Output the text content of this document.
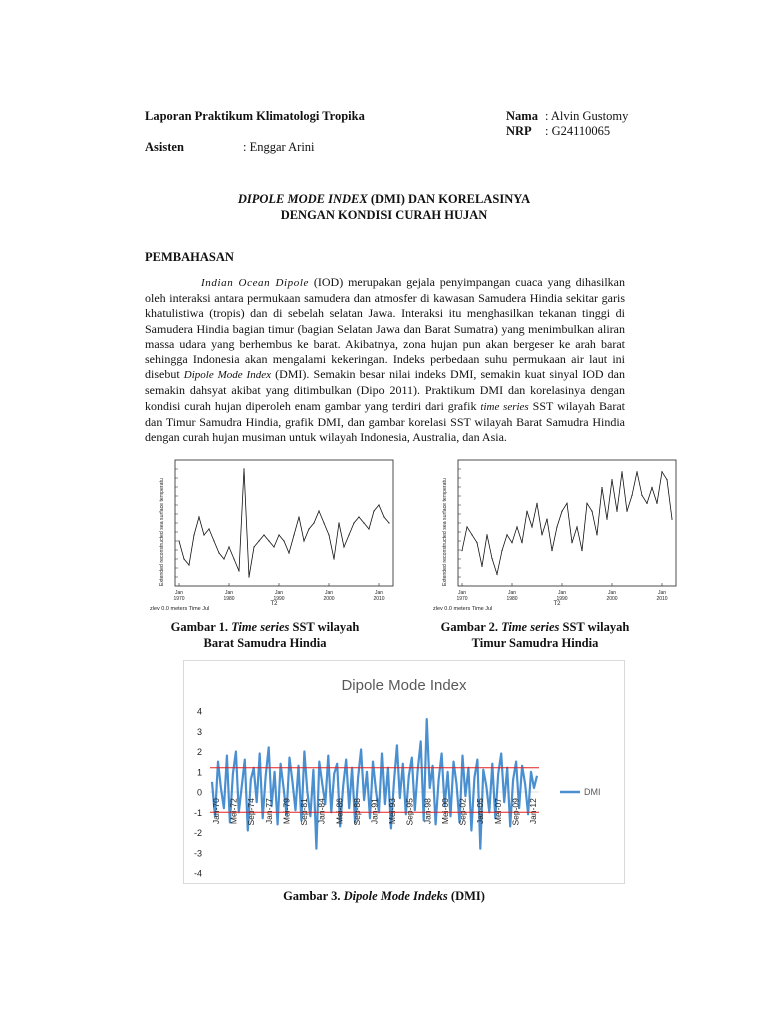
Laporan Praktikum Klimatologi Tropika
Asisten	: Enggar Arini
Nama : Alvin Gustomy
NRP : G24110065
DIPOLE MODE INDEX (DMI) DAN KORELASINYA
DENGAN KONDISI CURAH HUJAN
PEMBAHASAN

Indian Ocean Dipole (IOD) merupakan gejala penyimpangan cuaca yang dihasilkan oleh interaksi antara permukaan samudera dan atmosfer di kawasan Samudera Hindia sekitar garis khatulistiwa (tropis) dan di sebelah selatan Jawa. Interaksi itu menghasilkan tekanan tinggi di Samudera Hindia bagian timur (bagian Selatan Jawa dan Barat Sumatra) yang menimbulkan aliran massa udara yang berhembus ke barat. Akibatnya, zona hujan pun akan bergeser ke arah barat sehingga Indonesia akan mengalami kekeringan. Indeks perbedaan suhu permukaan air laut ini disebut Dipole Mode Index (DMI). Semakin besar nilai indeks DMI, semakin kuat sinyal IOD dan semakin dahsyat akibat yang ditimbulkan (Dipo 2011). Praktikum DMI dan korelasinya dengan kondisi curah hujan diperoleh enam gambar yang terdiri dari grafik time series SST wilayah Barat dan Timur Samudra Hindia, grafik DMI, dan gambar korelasi SST wilayah Barat Samudra Hindia dengan curah hujan musiman untuk wilayah Indonesia, Australia, dan Asia.

Jan
1970
Jan
1980
Jan
1990
Jan
2000
Jan
2010
T2
zlev 0.0 meters Time Jul
Extended reconstructed sea surface temperatu
Gambar 1. Time series SST wilayah
Barat Samudra Hindia
Jan
1970
Jan
1980
Jan
1990
Jan
2000
Jan
2010
T2
zlev 0.0 meters Time Jul
Extended reconstructed sea surface temperatu
Gambar 2. Time series SST wilayah
Timur Samudra Hindia
Dipole Mode Index
4
3
2
1
0
-1
-2
-3
-4
Jan-70 Mei-72 Sep-74 Jan-77 Mei-79 Sep-81 Jan-84 Mei-86 Sep-88 Jan-91 Mei-93 Sep-95 Jan-98 Mei-00 Sep-02 Jan-05 Mei-07 Sep-09 Jan-12
DMI
Gambar 3. Dipole Mode Indeks (DMI)
